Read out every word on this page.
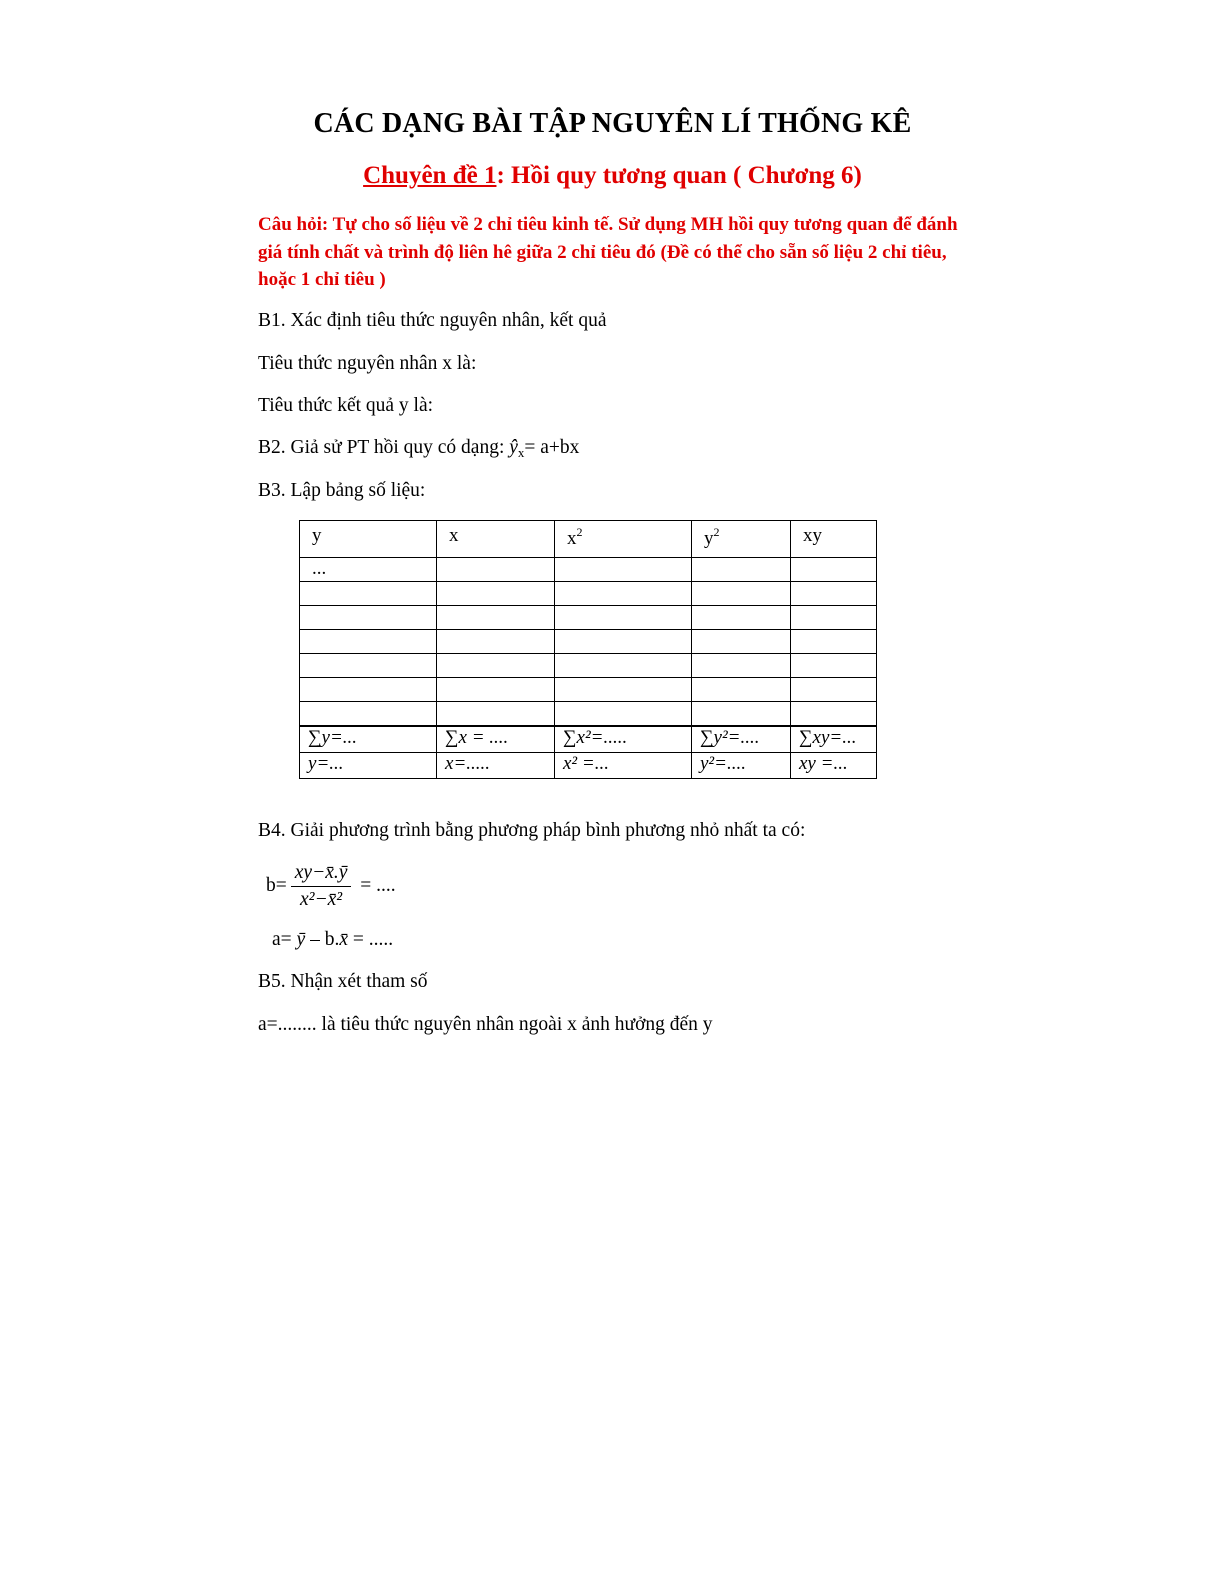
CÁC DẠNG BÀI TẬP NGUYÊN LÍ THỐNG KÊ
Chuyên đề 1: Hồi quy tương quan ( Chương 6)
Câu hỏi: Tự cho số liệu về 2 chỉ tiêu kinh tế. Sử dụng MH hồi quy tương quan để đánh giá tính chất và trình độ liên hê giữa 2 chỉ tiêu đó (Đề có thể cho sẵn số liệu 2 chỉ tiêu, hoặc 1 chỉ tiêu )
B1. Xác định tiêu thức nguyên nhân, kết quả
Tiêu thức nguyên nhân x là:
Tiêu thức kết quả y là:
B2. Giả sử PT hồi quy có dạng: $ŷ_x= a+bx$
B3. Lập bảng số liệu:
y	x	$x^2$	$y^2$	xy
...				

∑y=...	∑x = ....	∑x²=.....	∑y²=....	∑xy=...
$\overline{y}=$...	$\overline{x}=$.....	x² =...	y²=....	$\overline{xy}$ =...
B4. Giải phương trình bằng phương pháp bình phương nhỏ nhất ta có:
$b= \frac{xy-x̄.ȳ}{\text{x²−x̄²}}$ = ....
a= ȳ – b.x̄ = .....
B5. Nhận xét tham số
a=........ là tiêu thức nguyên nhân ngoài x ảnh hưởng đến y
